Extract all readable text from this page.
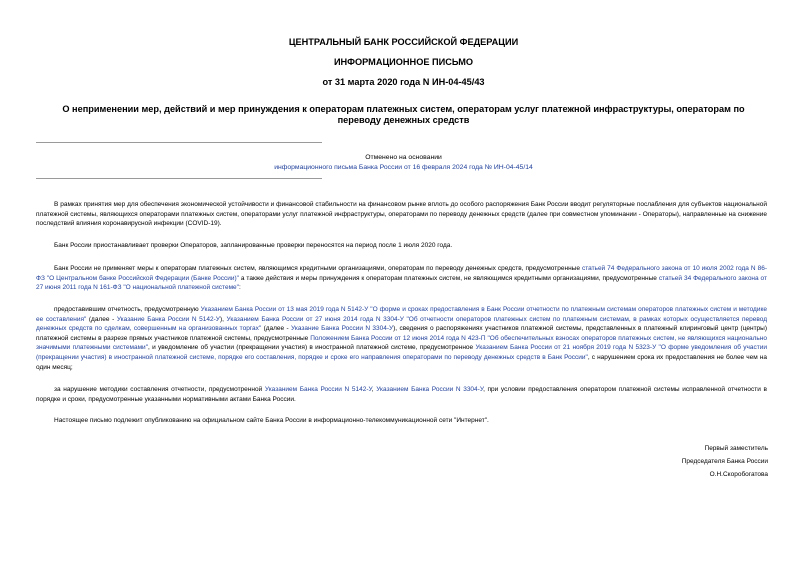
ЦЕНТРАЛЬНЫЙ БАНК РОССИЙСКОЙ ФЕДЕРАЦИИ
ИНФОРМАЦИОННОЕ ПИСЬМО
от 31 марта 2020 года N ИН-04-45/43
О неприменении мер, действий и мер принуждения к операторам платежных систем, операторам услуг платежной инфраструктуры, операторам по переводу денежных средств
Отменено на основании
информационного письма Банка России от 16 февраля 2024 года № ИН-04-45/14
В рамках принятия мер для обеспечения экономической устойчивости и финансовой стабильности на финансовом рынке вплоть до особого распоряжения Банк России вводит регуляторные послабления для субъектов национальной платежной системы, являющихся операторами платежных систем, операторами услуг платежной инфраструктуры, операторами по переводу денежных средств (далее при совместном упоминании - Операторы), направленные на снижение последствий влияния коронавирусной инфекции (COVID-19).
Банк России приостанавливает проверки Операторов, запланированные проверки переносятся на период после 1 июля 2020 года.
Банк России не применяет меры к операторам платежных систем, являющимся кредитными организациями, операторам по переводу денежных средств, предусмотренные статьей 74 Федерального закона от 10 июля 2002 года N 86-ФЗ "О Центральном банке Российской Федерации (Банке России)" а также действия и меры принуждения к операторам платежных систем, не являющимся кредитными организациями, предусмотренные статьей 34 Федерального закона от 27 июня 2011 года N 161-ФЗ "О национальной платежной системе":
предоставившим отчетность, предусмотренную Указанием Банка России от 13 мая 2019 года N 5142-У "О форме и сроках предоставления в Банк России отчетности по платежным системам операторов платежных систем и методике ее составления" (далее - Указание Банка России N 5142-У), Указанием Банка России от 27 июня 2014 года N 3304-У "Об отчетности операторов платежных систем по платежным системам, в рамках которых осуществляется перевод денежных средств по сделкам, совершенным на организованных торгах" (далее - Указание Банка России N 3304-У), сведения о распоряжениях участников платежной системы, представленных в платежный клиринговый центр (центры) платежной системы в разрезе прямых участников платежной системы, предусмотренные Положением Банка России от 12 июня 2014 года N 423-П "Об обеспечительных взносах операторов платежных систем, не являющихся национально значимыми платежными системами", и уведомление об участии (прекращении участия) в иностранной платежной системе, предусмотренное Указанием Банка России от 21 ноября 2019 года N 5323-У "О форме уведомления об участии (прекращении участия) в иностранной платежной системе, порядке его составления, порядке и сроке его направления операторами по переводу денежных средств в Банк России", с нарушением срока их предоставления не более чем на один месяц;
за нарушение методики составления отчетности, предусмотренной Указанием Банка России N 5142-У, Указанием Банка России N 3304-У, при условии предоставления оператором платежной системы исправленной отчетности в порядке и сроки, предусмотренные указанными нормативными актами Банка России.
Настоящее письмо подлежит опубликованию на официальном сайте Банка России в информационно-телекоммуникационной сети "Интернет".
Первый заместитель
Председателя Банка России
О.Н.Скоробогатова
